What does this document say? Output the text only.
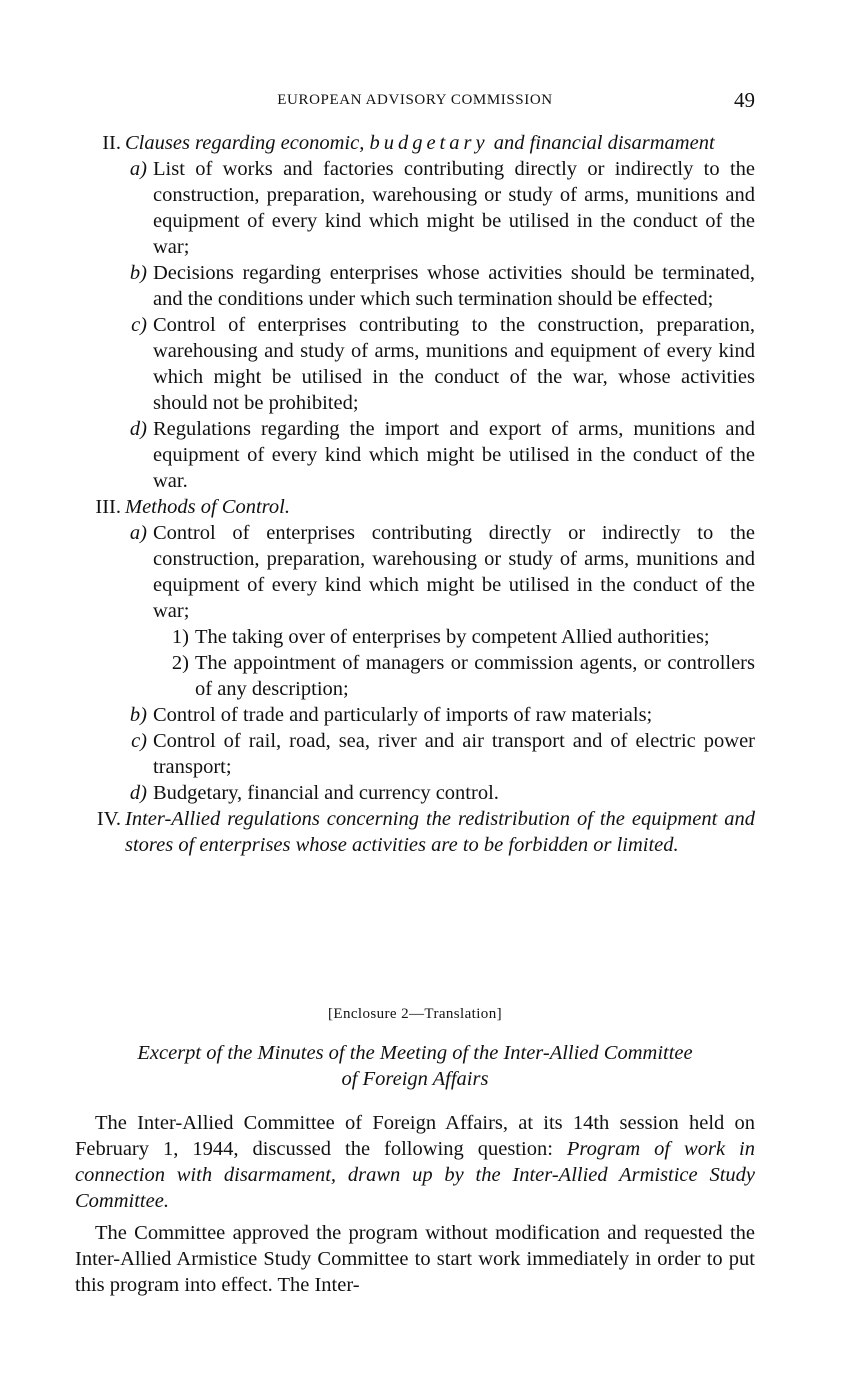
EUROPEAN ADVISORY COMMISSION	49
II. Clauses regarding economic, budgetary and financial disarmament
a) List of works and factories contributing directly or indirectly to the construction, preparation, warehousing or study of arms, munitions and equipment of every kind which might be utilised in the conduct of the war;
b) Decisions regarding enterprises whose activities should be terminated, and the conditions under which such termination should be effected;
c) Control of enterprises contributing to the construction, preparation, warehousing and study of arms, munitions and equipment of every kind which might be utilised in the conduct of the war, whose activities should not be prohibited;
d) Regulations regarding the import and export of arms, munitions and equipment of every kind which might be utilised in the conduct of the war.
III. Methods of Control.
a) Control of enterprises contributing directly or indirectly to the construction, preparation, warehousing or study of arms, munitions and equipment of every kind which might be utilised in the conduct of the war;
1) The taking over of enterprises by competent Allied authorities;
2) The appointment of managers or commission agents, or controllers of any description;
b) Control of trade and particularly of imports of raw materials;
c) Control of rail, road, sea, river and air transport and of electric power transport;
d) Budgetary, financial and currency control.
IV. Inter-Allied regulations concerning the redistribution of the equipment and stores of enterprises whose activities are to be forbidden or limited.
[Enclosure 2—Translation]
Excerpt of the Minutes of the Meeting of the Inter-Allied Committee
of Foreign Affairs

The Inter-Allied Committee of Foreign Affairs, at its 14th session held on February 1, 1944, discussed the following question: Program of work in connection with disarmament, drawn up by the Inter-Allied Armistice Study Committee.

The Committee approved the program without modification and requested the Inter-Allied Armistice Study Committee to start work immediately in order to put this program into effect. The Inter-
